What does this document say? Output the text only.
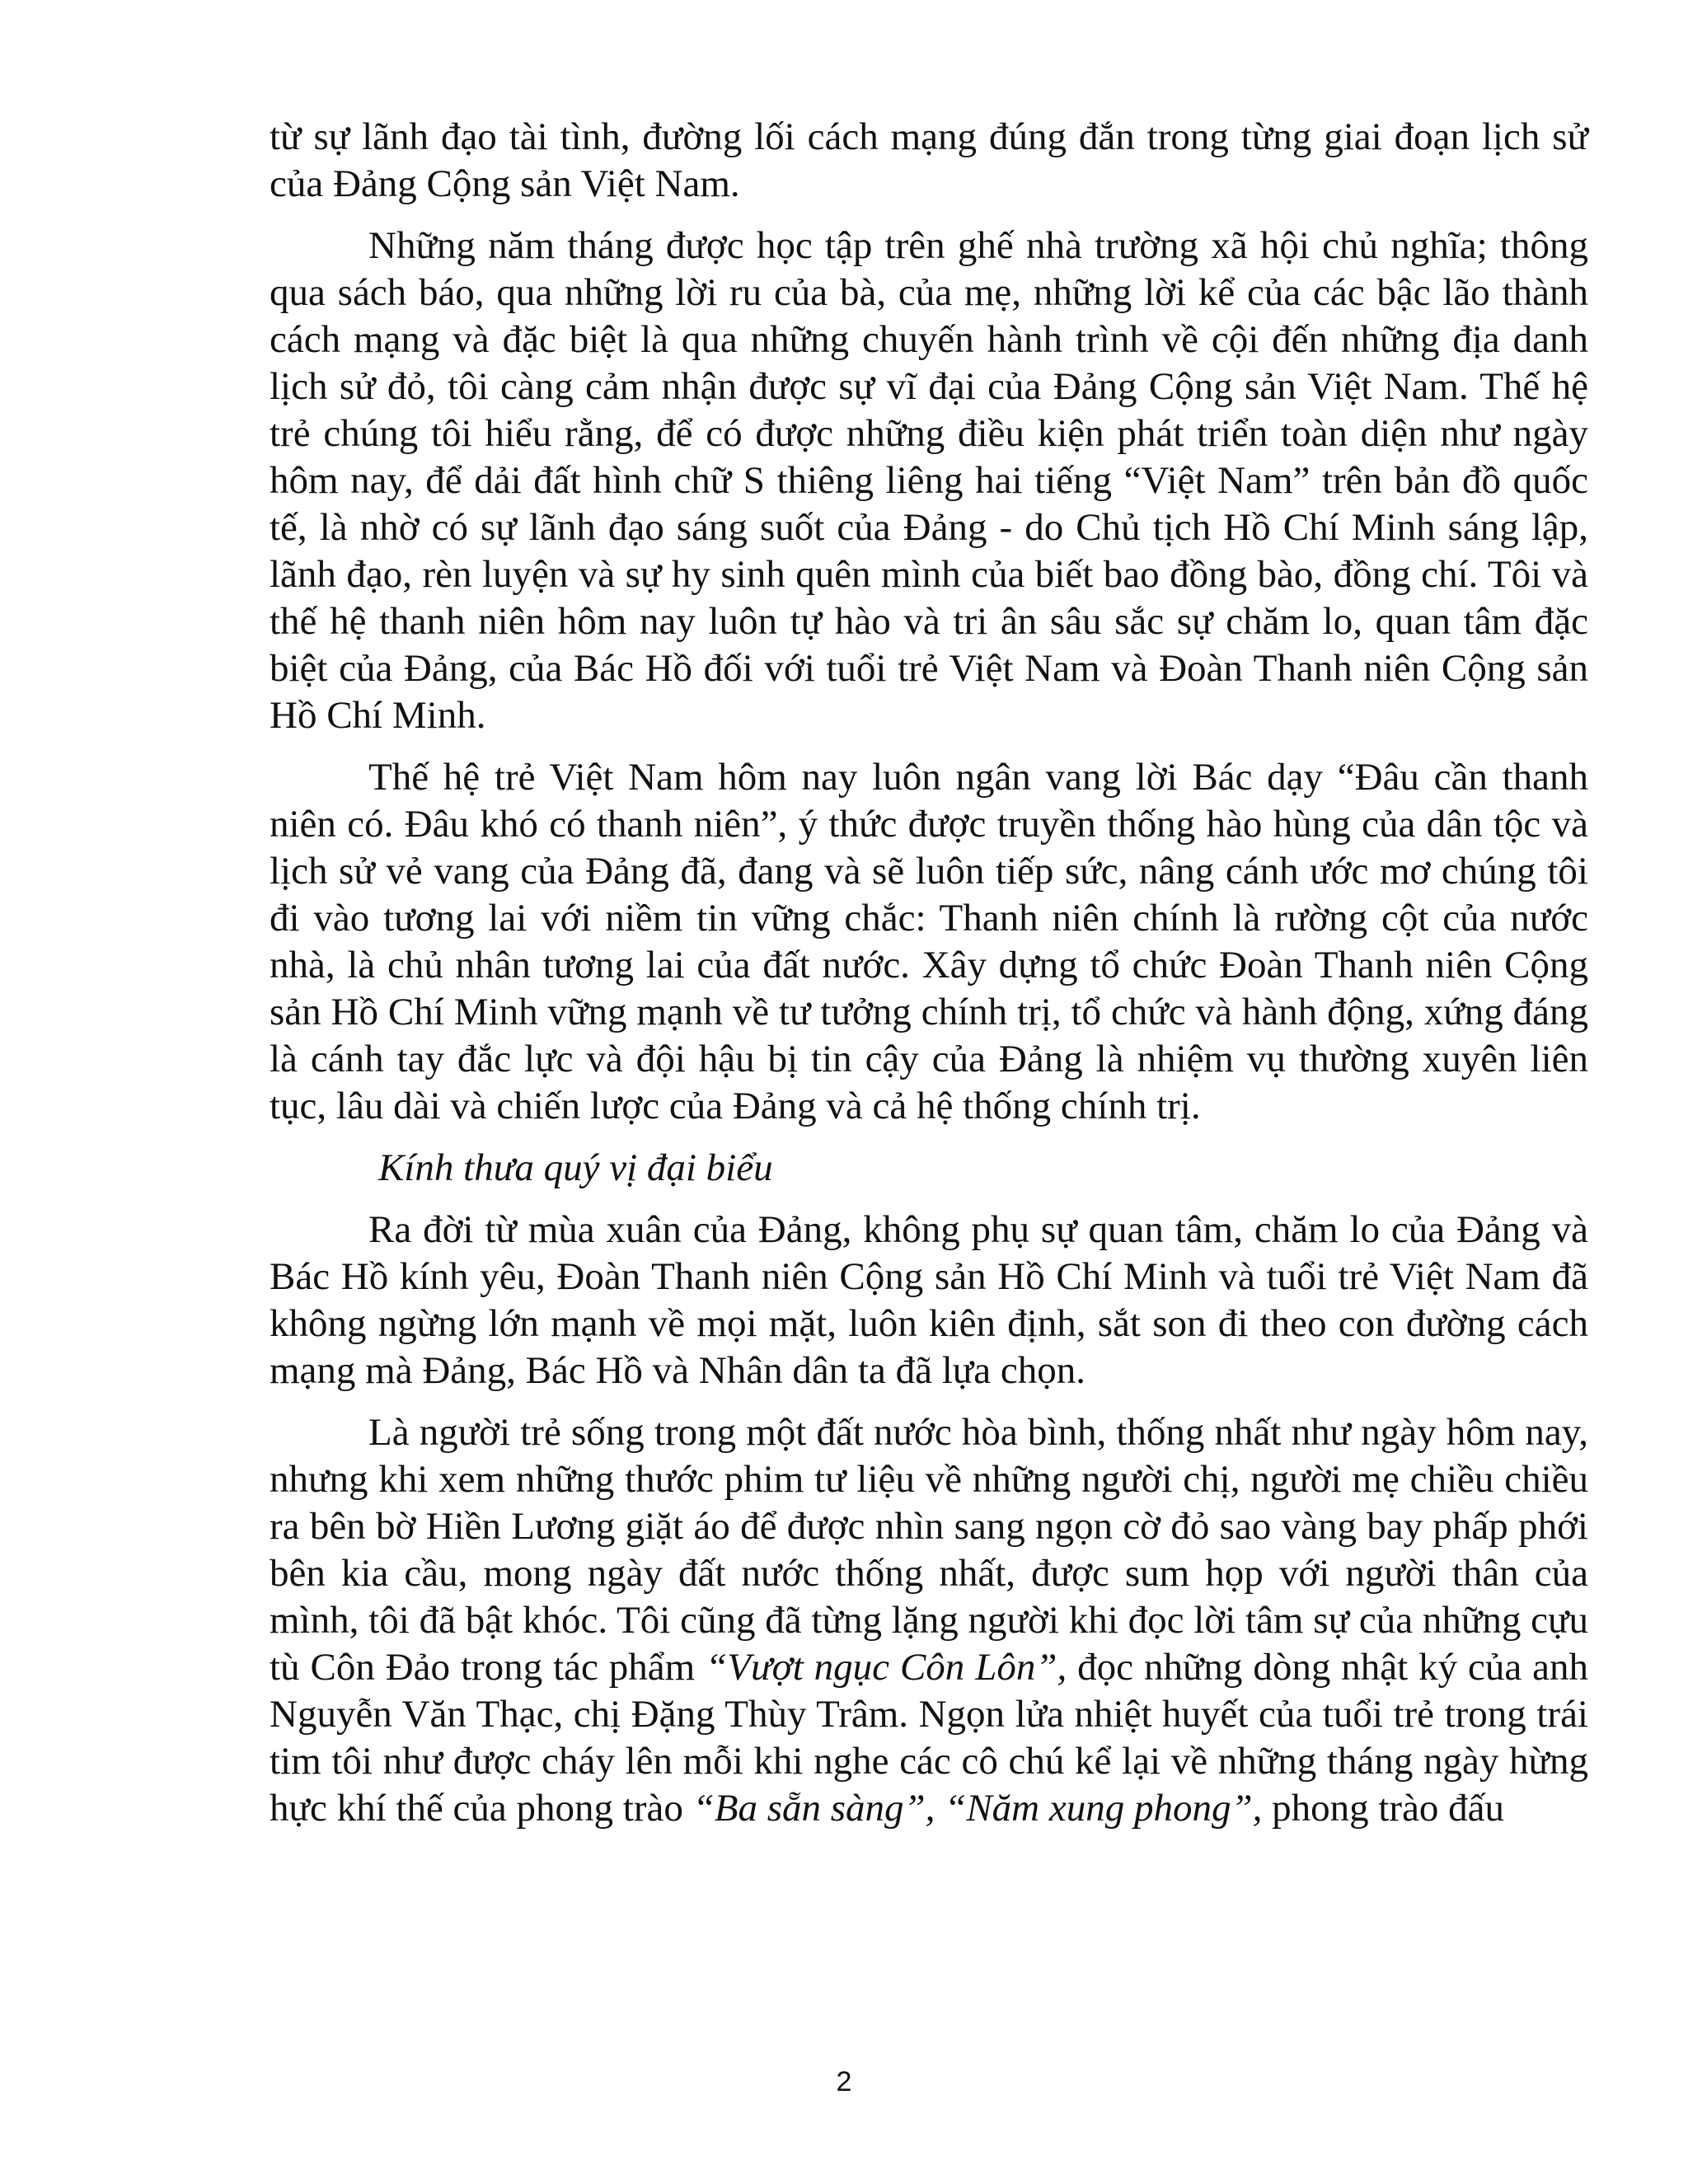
từ sự lãnh đạo tài tình, đường lối cách mạng đúng đắn trong từng giai đoạn lịch sử của Đảng Cộng sản Việt Nam.

Những năm tháng được học tập trên ghế nhà trường xã hội chủ nghĩa; thông qua sách báo, qua những lời ru của bà, của mẹ, những lời kể của các bậc lão thành cách mạng và đặc biệt là qua những chuyến hành trình về cội đến những địa danh lịch sử đỏ, tôi càng cảm nhận được sự vĩ đại của Đảng Cộng sản Việt Nam. Thế hệ trẻ chúng tôi hiểu rằng, để có được những điều kiện phát triển toàn diện như ngày hôm nay, để dải đất hình chữ S thiêng liêng hai tiếng “Việt Nam” trên bản đồ quốc tế, là nhờ có sự lãnh đạo sáng suốt của Đảng - do Chủ tịch Hồ Chí Minh sáng lập, lãnh đạo, rèn luyện và sự hy sinh quên mình của biết bao đồng bào, đồng chí. Tôi và thế hệ thanh niên hôm nay luôn tự hào và tri ân sâu sắc sự chăm lo, quan tâm đặc biệt của Đảng, của Bác Hồ đối với tuổi trẻ Việt Nam và Đoàn Thanh niên Cộng sản Hồ Chí Minh.

Thế hệ trẻ Việt Nam hôm nay luôn ngân vang lời Bác dạy “Đâu cần thanh niên có. Đâu khó có thanh niên”, ý thức được truyền thống hào hùng của dân tộc và lịch sử vẻ vang của Đảng đã, đang và sẽ luôn tiếp sức, nâng cánh ước mơ chúng tôi đi vào tương lai với niềm tin vững chắc: Thanh niên chính là rường cột của nước nhà, là chủ nhân tương lai của đất nước. Xây dựng tổ chức Đoàn Thanh niên Cộng sản Hồ Chí Minh vững mạnh về tư tưởng chính trị, tổ chức và hành động, xứng đáng là cánh tay đắc lực và đội hậu bị tin cậy của Đảng là nhiệm vụ thường xuyên liên tục, lâu dài và chiến lược của Đảng và cả hệ thống chính trị.

Kính thưa quý vị đại biểu

Ra đời từ mùa xuân của Đảng, không phụ sự quan tâm, chăm lo của Đảng và Bác Hồ kính yêu, Đoàn Thanh niên Cộng sản Hồ Chí Minh và tuổi trẻ Việt Nam đã không ngừng lớn mạnh về mọi mặt, luôn kiên định, sắt son đi theo con đường cách mạng mà Đảng, Bác Hồ và Nhân dân ta đã lựa chọn.

Là người trẻ sống trong một đất nước hòa bình, thống nhất như ngày hôm nay, nhưng khi xem những thước phim tư liệu về những người chị, người mẹ chiều chiều ra bên bờ Hiền Lương giặt áo để được nhìn sang ngọn cờ đỏ sao vàng bay phấp phới bên kia cầu, mong ngày đất nước thống nhất, được sum họp với người thân của mình, tôi đã bật khóc. Tôi cũng đã từng lặng người khi đọc lời tâm sự của những cựu tù Côn Đảo trong tác phẩm “Vượt ngục Côn Lôn”, đọc những dòng nhật ký của anh Nguyễn Văn Thạc, chị Đặng Thùy Trâm. Ngọn lửa nhiệt huyết của tuổi trẻ trong trái tim tôi như được cháy lên mỗi khi nghe các cô chú kể lại về những tháng ngày hừng hực khí thế của phong trào “Ba sẵn sàng”, “Năm xung phong”, phong trào đấu

2
